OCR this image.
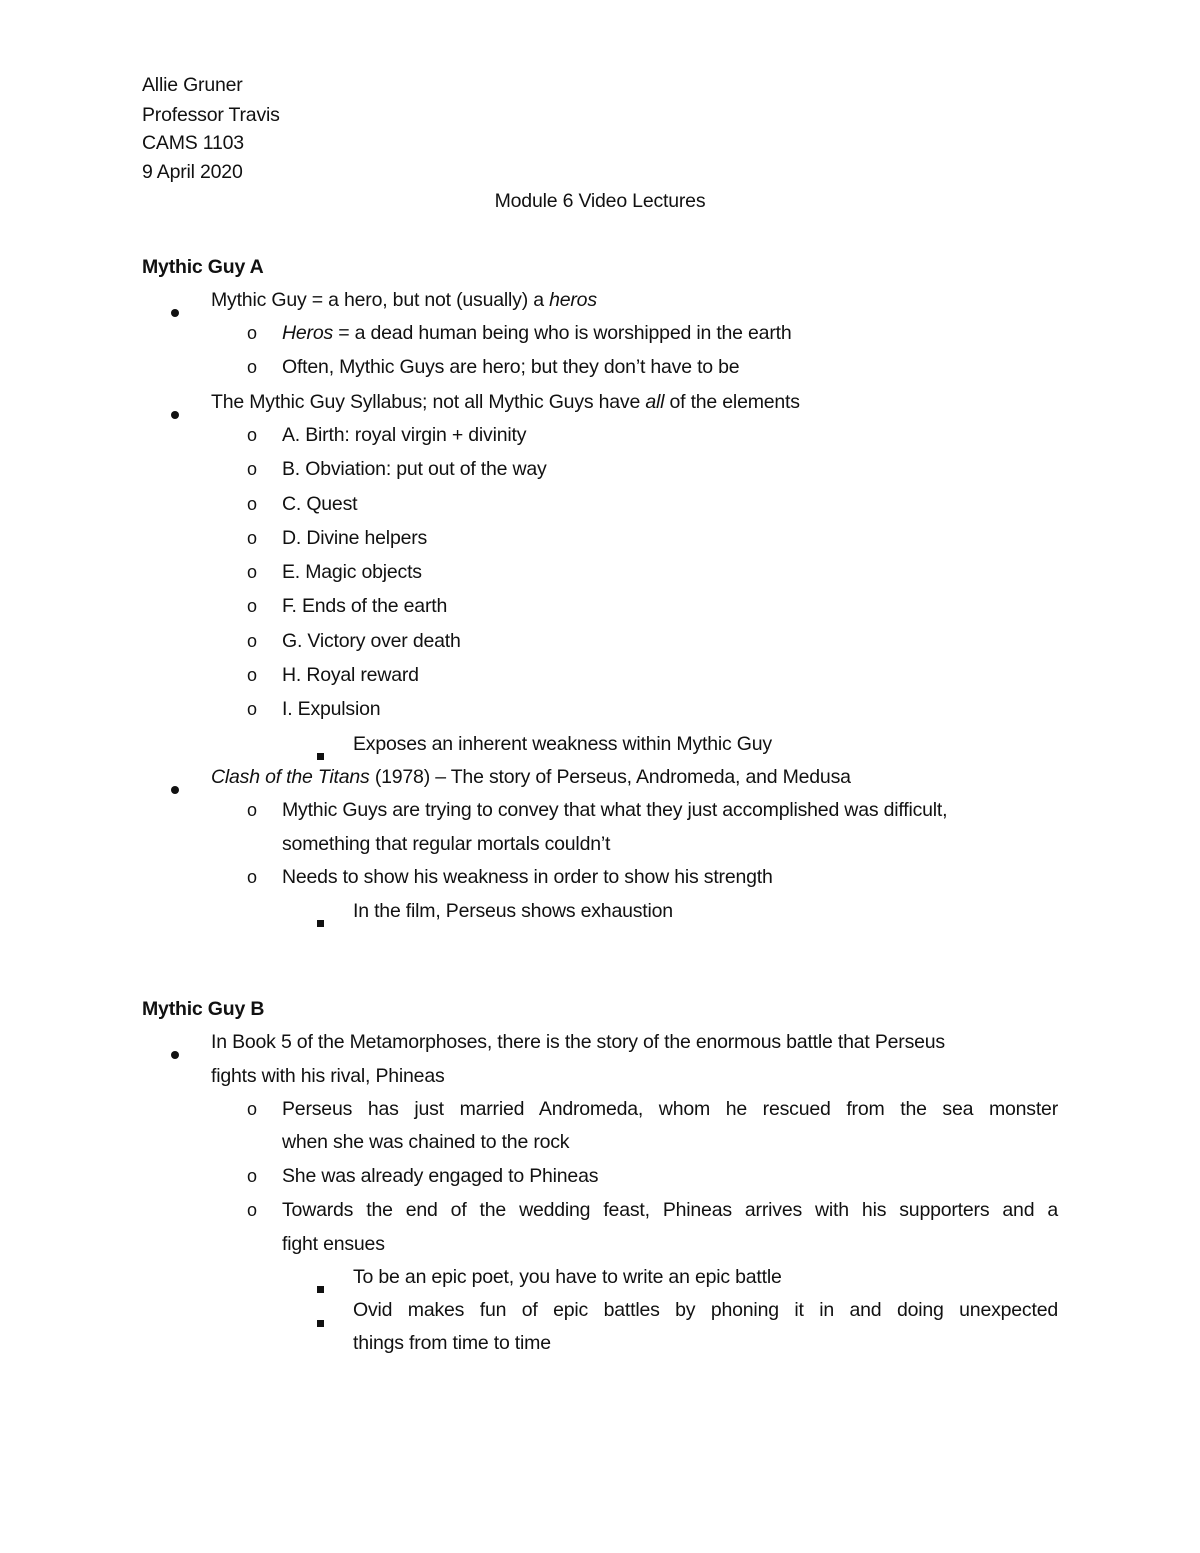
Allie Gruner
Professor Travis
CAMS 1103
9 April 2020
Module 6 Video Lectures
Mythic Guy A
Mythic Guy = a hero, but not (usually) a heros
o Heros = a dead human being who is worshipped in the earth
o Often, Mythic Guys are hero; but they don’t have to be
The Mythic Guy Syllabus; not all Mythic Guys have all of the elements
o A. Birth: royal virgin + divinity
o B. Obviation: put out of the way
o C. Quest
o D. Divine helpers
o E. Magic objects
o F. Ends of the earth
o G. Victory over death
o H. Royal reward
o I. Expulsion
Exposes an inherent weakness within Mythic Guy
Clash of the Titans (1978) – The story of Perseus, Andromeda, and Medusa
o Mythic Guys are trying to convey that what they just accomplished was difficult,
something that regular mortals couldn’t
o Needs to show his weakness in order to show his strength
In the film, Perseus shows exhaustion
Mythic Guy B
In Book 5 of the Metamorphoses, there is the story of the enormous battle that Perseus
fights with his rival, Phineas
o Perseus has just married Andromeda, whom he rescued from the sea monster
when she was chained to the rock
o She was already engaged to Phineas
o Towards the end of the wedding feast, Phineas arrives with his supporters and a
fight ensues
To be an epic poet, you have to write an epic battle
Ovid makes fun of epic battles by phoning it in and doing unexpected
things from time to time
